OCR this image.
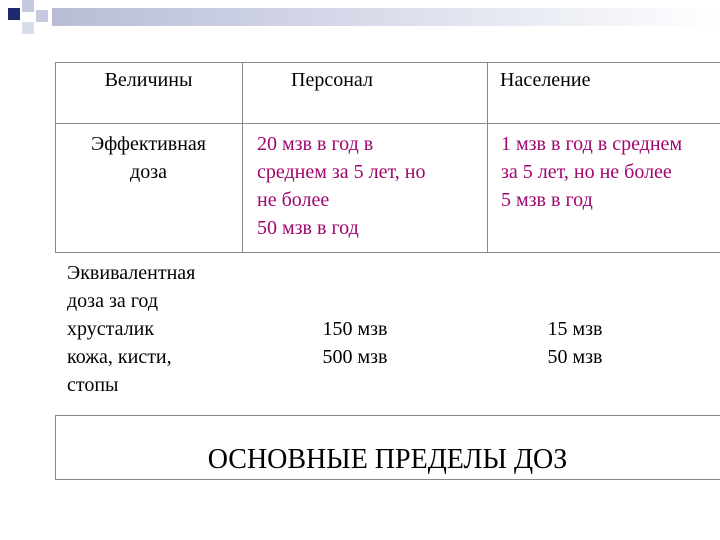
Величины	Персонал	Население
Эффективная
доза
20 мзв в год в
среднем за 5 лет, но
не более
50 мзв в год
1 мзв в год в среднем
за 5 лет, но не более
5 мзв в год
Эквивалентная
доза за год
хрусталик
кожа, кисти,
стопы
150 мзв
500 мзв
15 мзв
50 мзв
ОСНОВНЫЕ ПРЕДЕЛЫ ДОЗ
